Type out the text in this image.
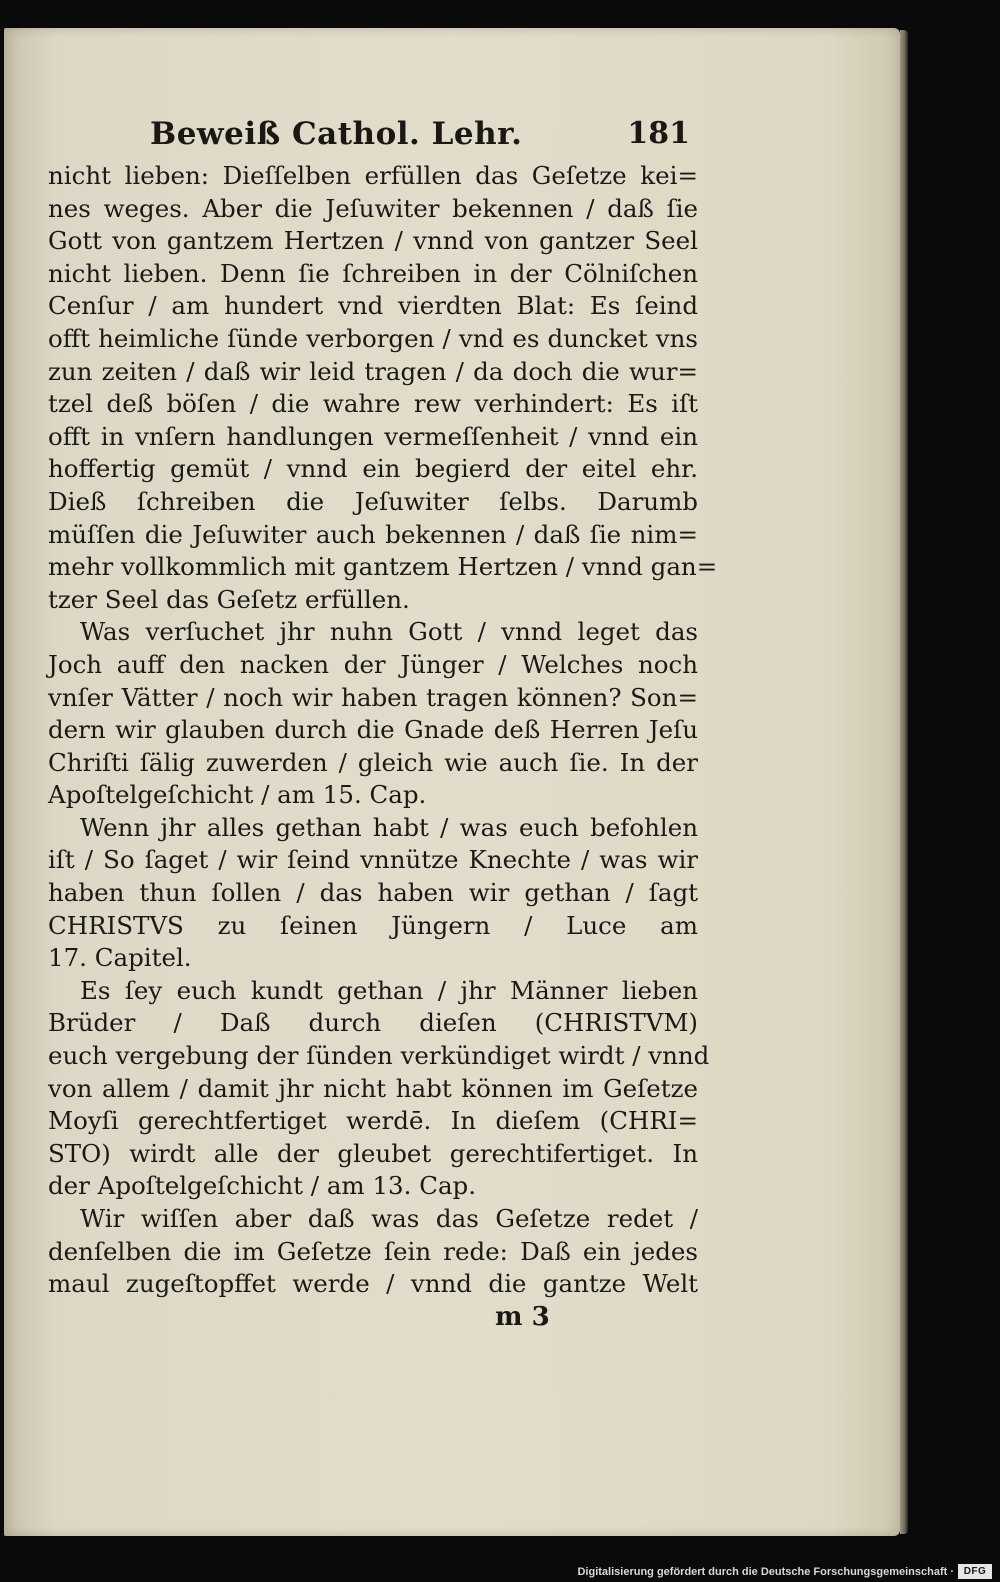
Beweiß Cathol. Lehr.	181
nicht lieben: Dieſſelben erfüllen das Geſetze kei=
nes weges. Aber die Jeſuwiter bekennen / daß ſie
Gott von gantzem Hertzen / vnnd von gantzer Seel
nicht lieben. Denn ſie ſchreiben in der Cölniſchen
Cenſur / am hundert vnd vierdten Blat: Es ſeind
offt heimliche ſünde verborgen / vnd es duncket vns
zun zeiten / daß wir leid tragen / da doch die wur=
tzel deß böſen / die wahre rew verhindert: Es iſt
offt in vnſern handlungen vermeſſenheit / vnnd ein
hoffertig gemüt / vnnd ein begierd der eitel ehr.
Dieß ſchreiben die Jeſuwiter ſelbs. Darumb
müſſen die Jeſuwiter auch bekennen / daß ſie nim=
mehr vollkommlich mit gantzem Hertzen / vnnd gan=
tzer Seel das Geſetz erfüllen.
Was verſuchet jhr nuhn Gott / vnnd leget das
Joch auff den nacken der Jünger / Welches noch
vnſer Vätter / noch wir haben tragen können? Son=
dern wir glauben durch die Gnade deß Herren Jeſu
Chriſti ſälig zuwerden / gleich wie auch ſie. In der
Apoſtelgeſchicht / am 15. Cap.
Wenn jhr alles gethan habt / was euch befohlen
iſt / So ſaget / wir ſeind vnnütze Knechte / was wir
haben thun ſollen / das haben wir gethan / ſagt
CHRISTVS zu ſeinen Jüngern / Luce am
17. Capitel.
Es ſey euch kundt gethan / jhr Männer lieben
Brüder / Daß durch dieſen (CHRISTVM)
euch vergebung der ſünden verkündiget wirdt / vnnd
von allem / damit jhr nicht habt können im Geſetze
Moyſi gerechtfertiget werdē. In dieſem (CHRI=
STO) wirdt alle der gleubet gerechtifertiget. In
der Apoſtelgeſchicht / am 13. Cap.
Wir wiſſen aber daß was das Geſetze redet /
denſelben die im Geſetze ſein rede: Daß ein jedes
maul zugeſtopffet werde / vnnd die gantze Welt
m 3
Digitalisierung gefördert durch die Deutsche Forschungsgemeinschaft · DFG
